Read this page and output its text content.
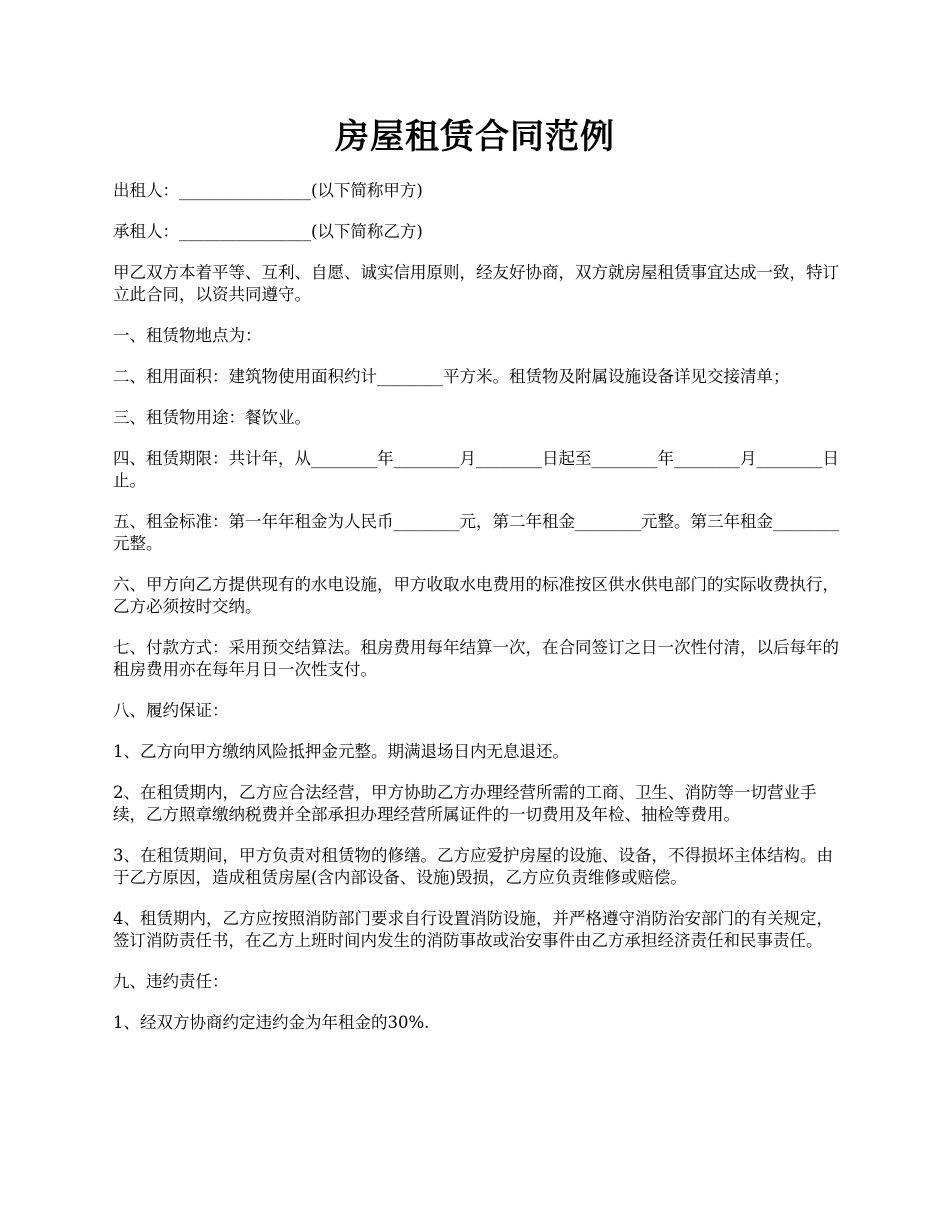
房屋租赁合同范例

出租人：________________(以下简称甲方)

承租人：________________(以下简称乙方)

甲乙双方本着平等、互利、自愿、诚实信用原则，经友好协商，双方就房屋租赁事宜达成一致，特订立此合同，以资共同遵守。

一、租赁物地点为：

二、租用面积：建筑物使用面积约计________平方米。租赁物及附属设施设备详见交接清单；

三、租赁物用途：餐饮业。

四、租赁期限：共计年，从________年________月________日起至________年________月________日止。

五、租金标准：第一年年租金为人民币________元，第二年租金________元整。第三年租金________元整。

六、甲方向乙方提供现有的水电设施，甲方收取水电费用的标准按区供水供电部门的实际收费执行，乙方必须按时交纳。

七、付款方式：采用预交结算法。租房费用每年结算一次，在合同签订之日一次性付清，以后每年的租房费用亦在每年月日一次性支付。

八、履约保证：

1、乙方向甲方缴纳风险抵押金元整。期满退场日内无息退还。

2、在租赁期内，乙方应合法经营，甲方协助乙方办理经营所需的工商、卫生、消防等一切营业手续，乙方照章缴纳税费并全部承担办理经营所属证件的一切费用及年检、抽检等费用。

3、在租赁期间，甲方负责对租赁物的修缮。乙方应爱护房屋的设施、设备，不得损坏主体结构。由于乙方原因，造成租赁房屋(含内部设备、设施)毁损，乙方应负责维修或赔偿。

4、租赁期内，乙方应按照消防部门要求自行设置消防设施，并严格遵守消防治安部门的有关规定，签订消防责任书，在乙方上班时间内发生的消防事故或治安事件由乙方承担经济责任和民事责任。

九、违约责任：

1、经双方协商约定违约金为年租金的30%.
